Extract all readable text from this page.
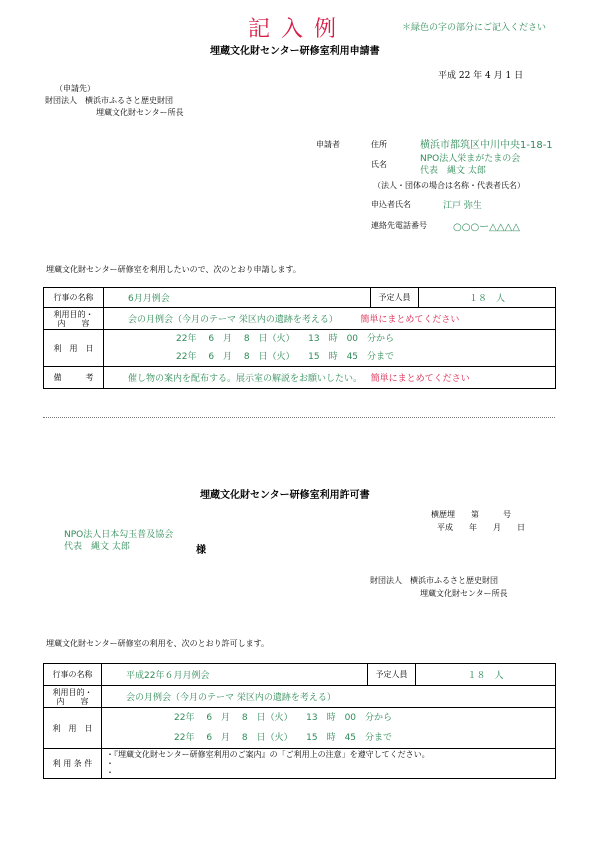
記 入 例	＊緑色の字の部分にご記入ください
埋蔵文化財センター研修室利用申請書
平成 22 年 4 月 1 日
（申請先）
財団法人　横浜市ふるさと歴史財団
埋蔵文化財センター所長
申請者	住所	横浜市都筑区中川中央1-18-1
氏名
NPO法人栄まがたまの会
代表　縄文 太郎
（法人・団体の場合は名称・代表者氏名）
申込者氏名	江戸 弥生
連絡先電話番号	○○○ー△△△△
埋蔵文化財センター研修室を利用したいので、次のとおり申請します。
行事の名称	6月月例会	予定人員	１８　人

利用目的・
内　　容	会の月例会（今月のテーマ 栄区内の遺跡を考える） 簡単にまとめてください		
利　用　日	22年　 6　月　 8　日（火）　　13　時　00　分から
22年　 6　月　 8　日（火）　　15　時　45　分まで		

備　　　考	催し物の案内を配布する。展示室の解説をお願いしたい。 簡単にまとめてください		
埋蔵文化財センター研修室利用許可書
横歴埋　　第　　　号
平成　　年　　月　　日
NPO法人日本勾玉普及協会
代表　縄文 太郎	様
財団法人　横浜市ふるさと歴史財団
埋蔵文化財センター所長
埋蔵文化財センター研修室の利用を、次のとおり許可します。
行事の名称	平成22年６月月例会	予定人員	１８　人

利用目的・
内　　容	会の月例会（今月のテーマ 栄区内の遺跡を考える）		
利　用　日	22年　 6　月　 8　日（火）　　13　時　00　分から
22年　 6　月　 8　日（火）　　15　時　45　分まで		

利 用 条 件	・『埋蔵文化財センター研修室利用のご案内』の「ご利用上の注意」を遵守してください。
・
・		
